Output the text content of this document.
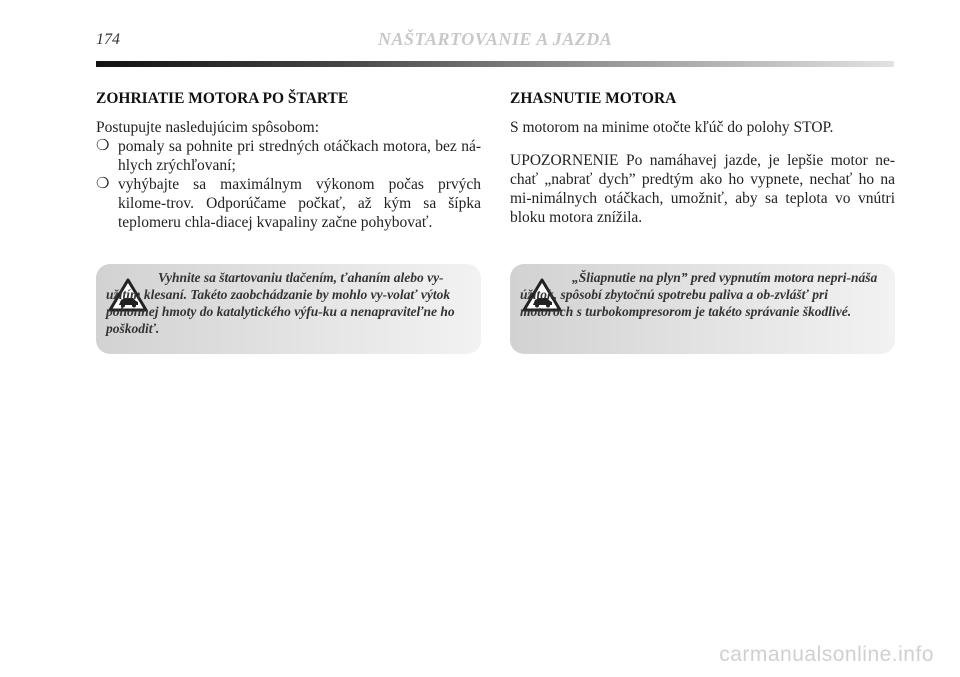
174	NAŠTARTOVANIE A JAZDA
ZOHRIATIE MOTORA PO ŠTARTE

Postupujte nasledujúcim spôsobom:

❍ pomaly sa pohnite pri stredných otáčkach motora, bez ná-hlych zrýchľovaní;
❍ vyhýbajte sa maximálnym výkonom počas prvých kilome-trov. Odporúčame počkať, až kým sa šípka teplomeru chla-diacej kvapaliny začne pohybovať.
ZHASNUTIE MOTORA

S motorom na minime otočte kľúč do polohy STOP.

UPOZORNENIE Po namáhavej jazde, je lepšie motor ne-chať „nabrať dych” predtým ako ho vypnete, nechať ho na mi-nimálnych otáčkach, umožniť, aby sa teplota vo vnútri bloku motora znížila.

Vyhnite sa štartovaniu tlačením, ťahaním alebo vy-užitím klesaní. Takéto zaobchádzanie by mohlo vy-volať výtok pohonnej hmoty do katalytického výfu-ku a nenapraviteľne ho poškodiť.
„Šliapnutie na plyn” pred vypnutím motora nepri-náša úžitok, spôsobí zbytočnú spotrebu paliva a ob-zvlášť pri motoroch s turbokompresorom je takéto správanie škodlivé.
carmanualsonline.info
